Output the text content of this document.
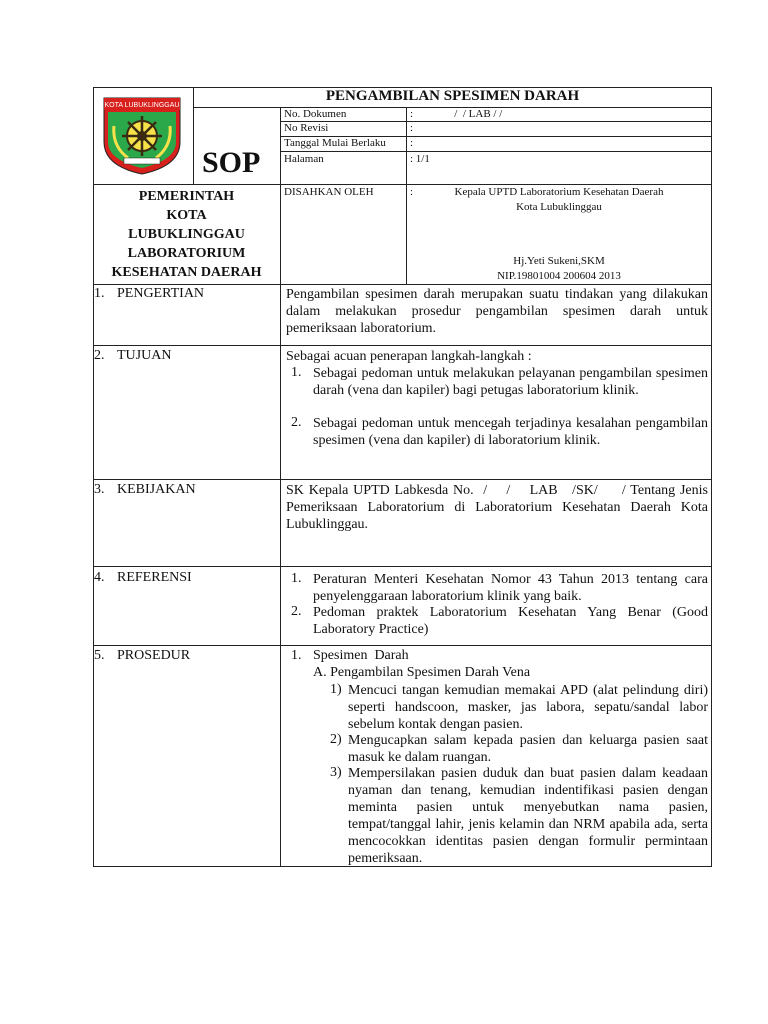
PENGAMBILAN SPESIMEN DARAH
KOTA LUBUKLINGGAU
SOP
No. Dokumen	:               /  / LAB / /
No Revisi	:
Tanggal Mulai Berlaku :
Halaman	: 1/1
PEMERINTAH
KOTA
LUBUKLINGGAU
LABORATORIUM
KESEHATAN DAERAH
DISAHKAN OLEH	:	Kepala UPTD Laboratorium Kesehatan Daerah
Kota Lubuklinggau
Hj.Yeti Sukeni,SKM
NIP.19801004 200604 2013
1. PENGERTIAN	Pengambilan spesimen darah merupakan suatu tindakan yang dilakukan dalam melakukan prosedur pengambilan spesimen darah untuk pemeriksaan laboratorium.
2. TUJUAN	Sebagai acuan penerapan langkah-langkah :
1. Sebagai pedoman untuk melakukan pelayanan pengambilan spesimen darah (vena dan kapiler) bagi petugas laboratorium klinik.
2. Sebagai pedoman untuk mencegah terjadinya kesalahan pengambilan spesimen (vena dan kapiler) di laboratorium klinik.
3. KEBIJAKAN	SK Kepala UPTD Labkesda No.  /    /    LAB   /SK/     / Tentang Jenis Pemeriksaan Laboratorium di Laboratorium Kesehatan Daerah Kota Lubuklinggau.
4. REFERENSI	1. Peraturan Menteri Kesehatan Nomor 43 Tahun 2013 tentang cara penyelenggaraan laboratorium klinik yang baik.
2. Pedoman praktek Laboratorium Kesehatan Yang Benar (Good Laboratory Practice)
5. PROSEDUR	1. Spesimen  Darah
A. Pengambilan Spesimen Darah Vena
1) Mencuci tangan kemudian memakai APD (alat pelindung diri) seperti handscoon, masker, jas labora, sepatu/sandal labor sebelum kontak dengan pasien.
2) Mengucapkan salam kepada pasien dan keluarga pasien saat masuk ke dalam ruangan.
3) Mempersilakan pasien duduk dan buat pasien dalam keadaan nyaman dan tenang, kemudian indentifikasi pasien dengan meminta pasien untuk menyebutkan nama pasien, tempat/tanggal lahir, jenis kelamin dan NRM apabila ada, serta mencocokkan identitas pasien dengan formulir permintaan pemeriksaan.
